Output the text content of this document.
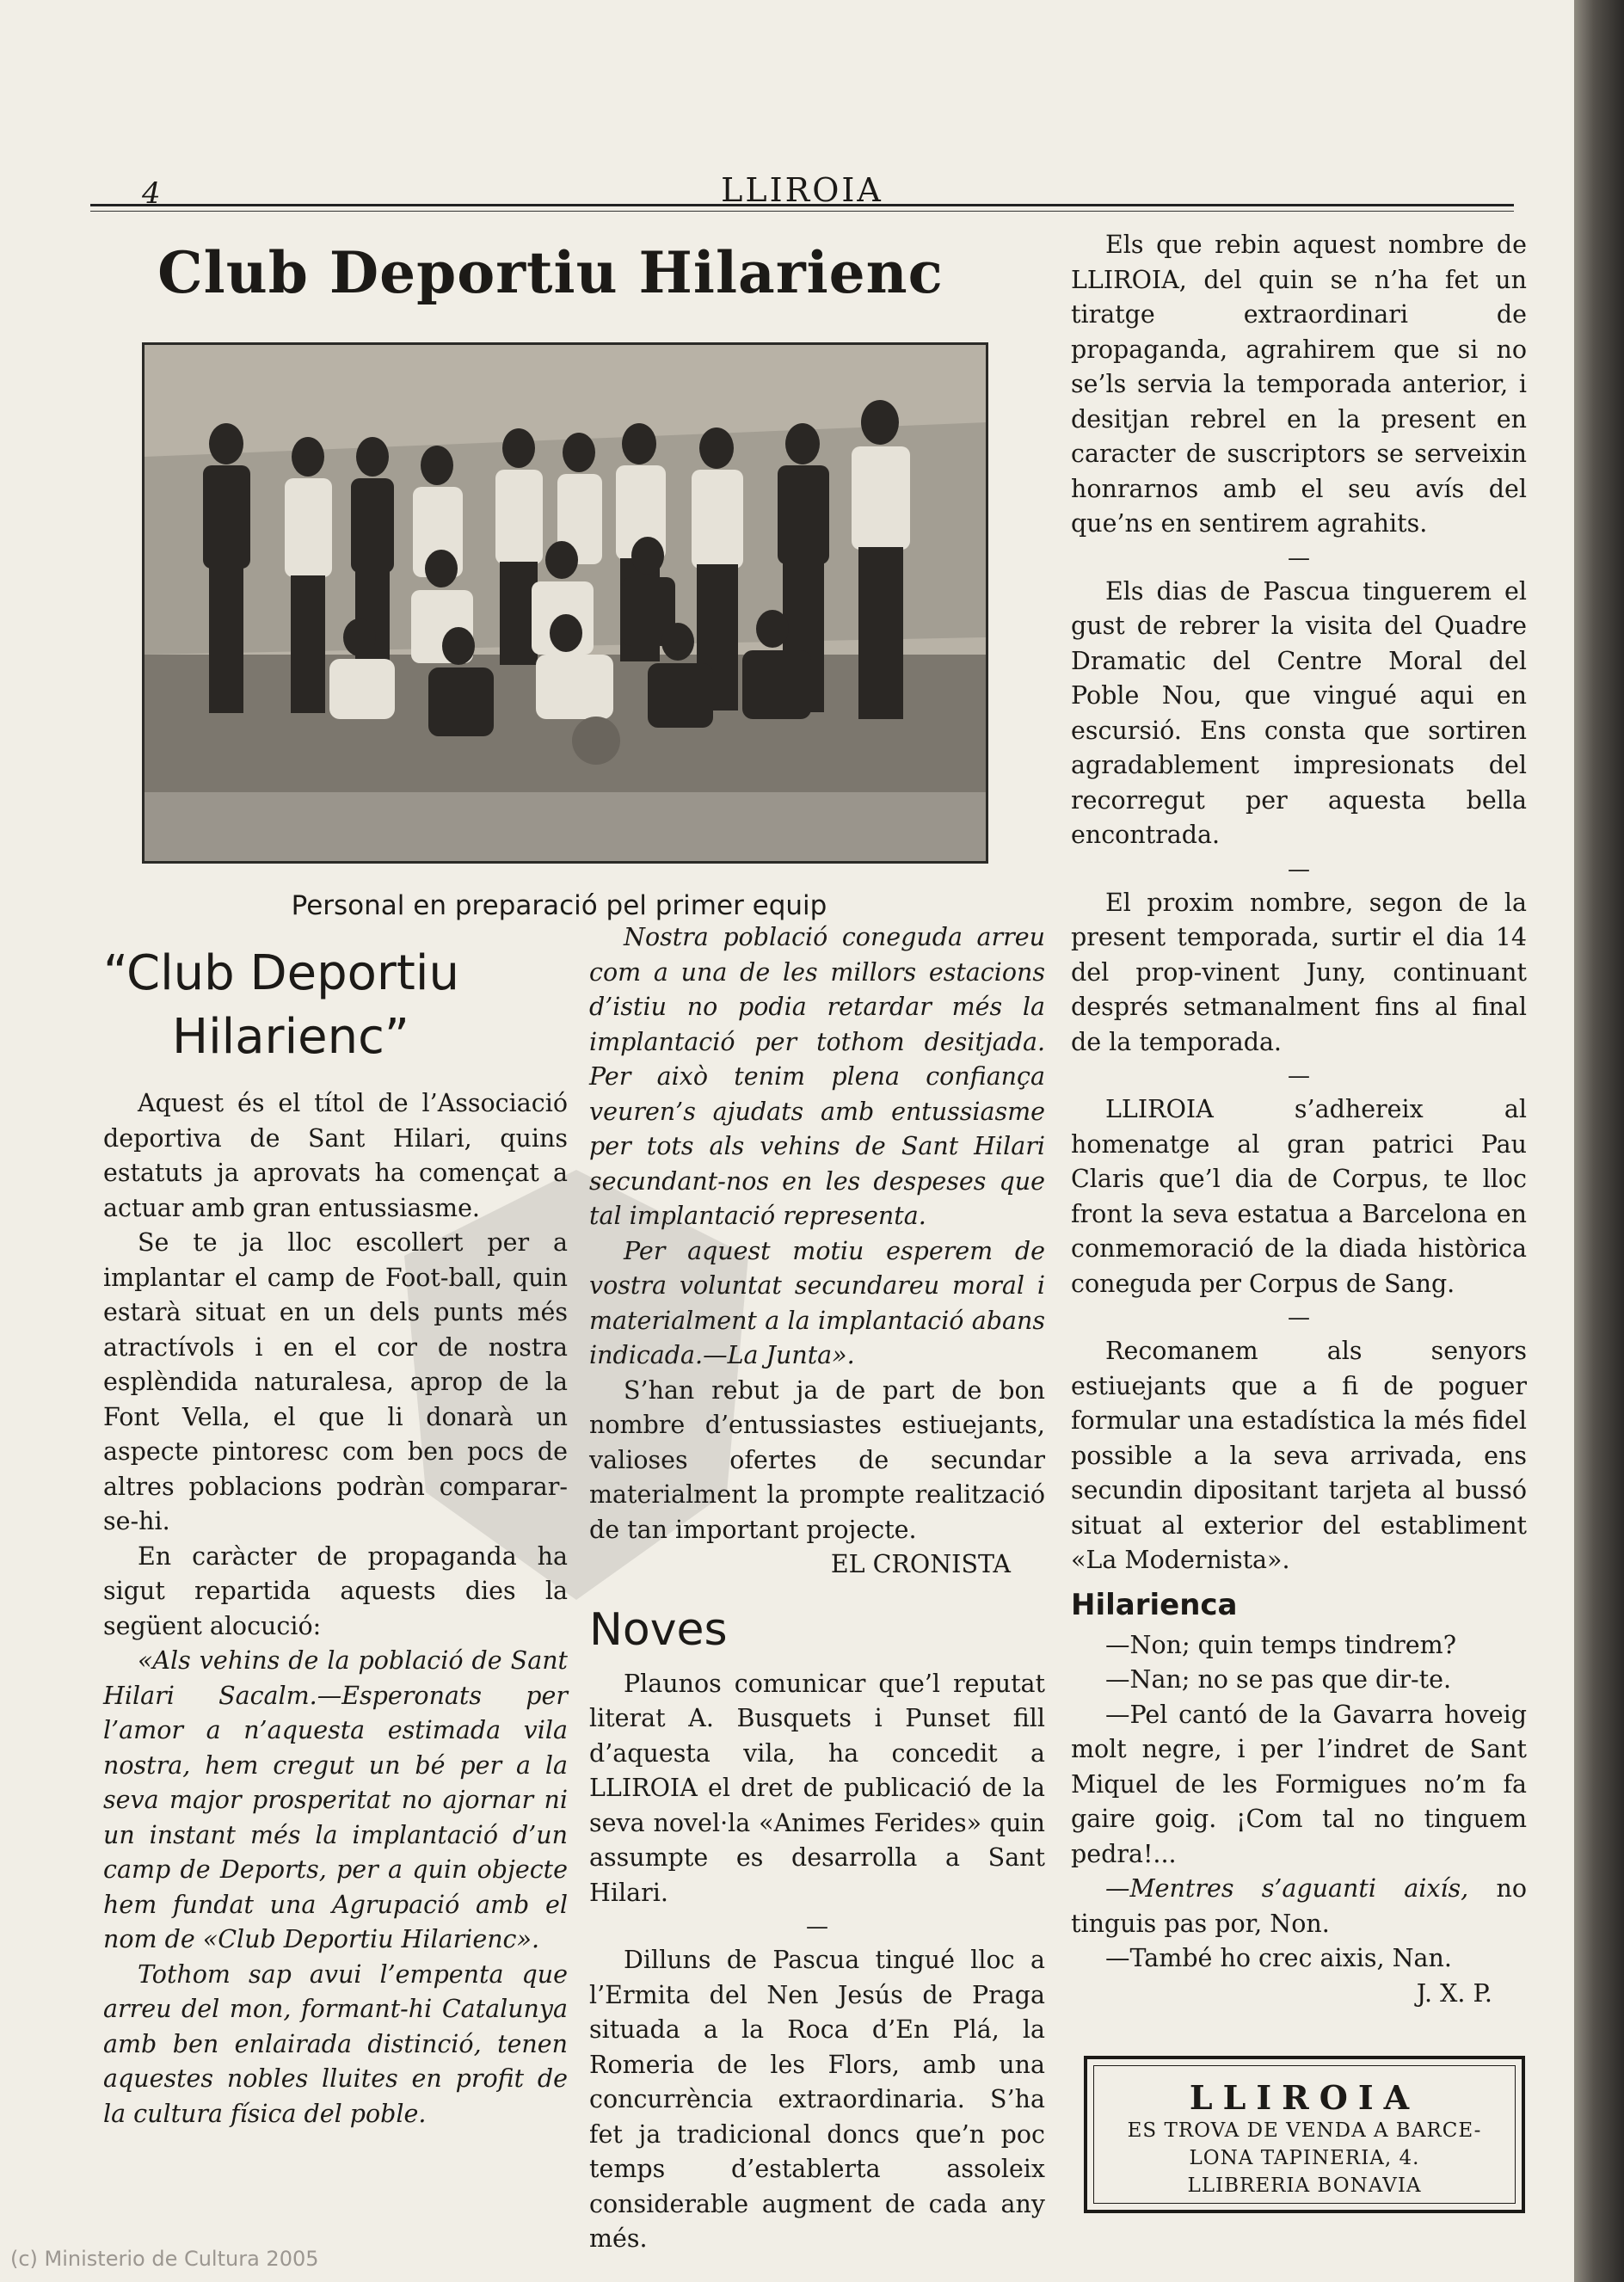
4	LLIROIA
Club Deportiu Hilarienc
Personal en preparació pel primer equip
“Club Deportiu
Hilarienc”

Aquest és el títol de l’Associació deportiva de Sant Hilari, quins estatuts ja aprovats ha començat a actuar amb gran entussiasme.

Se te ja lloc escollert per a implantar el camp de Foot-ball, quin estarà situat en un dels punts més atractívols i en el cor de nostra esplèndida naturalesa, aprop de la Font Vella, el que li donarà un aspecte pintoresc com ben pocs de altres poblacions podràn comparar-se-hi.

En caràcter de propaganda ha sigut repartida aquests dies la següent alocució:

«Als vehins de la població de Sant Hilari Sacalm.—Esperonats per l’amor a n’aquesta estimada vila nostra, hem cregut un bé per a la seva major prosperitat no ajornar ni un instant més la implantació d’un camp de Deports, per a quin objecte hem fundat una Agrupació amb el nom de «Club Deportiu Hilarienc».

Tothom sap avui l’empenta que arreu del mon, formant-hi Catalunya amb ben enlairada distinció, tenen aquestes nobles lluites en profit de la cultura física del poble.

Nostra població coneguda arreu com a una de les millors estacions d’istiu no podia retardar més la implantació per tothom desitjada. Per això tenim plena confiança veuren’s ajudats amb entussiasme per tots als vehins de Sant Hilari secundant-nos en les despeses que tal implantació representa.

Per aquest motiu esperem de vostra voluntat secundareu moral i materialment a la implantació abans indicada.—La Junta».

S’han rebut ja de part de bon nombre d’entussiastes estiuejants, valioses ofertes de secundar materialment la prompte realització de tan important projecte.

EL CRONISTA

Noves

Plaunos comunicar que’l reputat literat A. Busquets i Punset fill d’aquesta vila, ha concedit a LLIROIA el dret de publicació de la seva novel·la «Animes Ferides» quin assumpte es desarrolla a Sant Hilari.

—

Dilluns de Pascua tingué lloc a l’Ermita del Nen Jesús de Praga situada a la Roca d’En Plá, la Romeria de les Flors, amb una concurrència extraordinaria. S’ha fet ja tradicional doncs que’n poc temps d’establerta assoleix considerable augment de cada any més.

Els que rebin aquest nombre de LLIROIA, del quin se n’ha fet un tiratge extraordinari de propaganda, agrahirem que si no se’ls servia la temporada anterior, i desitjan rebrel en la present en caracter de suscriptors se serveixin honrarnos amb el seu avís del que’ns en sentirem agrahits.

—

Els dias de Pascua tinguerem el gust de rebrer la visita del Quadre Dramatic del Centre Moral del Poble Nou, que vingué aqui en escursió. Ens consta que sortiren agradablement impresionats del recorregut per aquesta bella encontrada.

—

El proxim nombre, segon de la present temporada, surtir el dia 14 del prop-vinent Juny, continuant després setmanalment fins al final de la temporada.

—

LLIROIA s’adhereix al homenatge al gran patrici Pau Claris que’l dia de Corpus, te lloc front la seva estatua a Barcelona en conmemoració de la diada històrica coneguda per Corpus de Sang.

—

Recomanem als senyors estiuejants que a fi de poguer formular una estadística la més fidel possible a la seva arrivada, ens secundin dipositant tarjeta al bussó situat al exterior del establiment «La Modernista».

Hilarienca

—Non; quin temps tindrem?

—Nan; no se pas que dir-te.

—Pel cantó de la Gavarra hoveig molt negre, i per l’indret de Sant Miquel de les Formigues no’m fa gaire goig. ¡Com tal no tinguem pedra!...

—Mentres s’aguanti aixís, no tinguis pas por, Non.

—També ho crec aixis, Nan.

J. X. P.

LLIROIA
ES TROVA DE VENDA A BARCE-
LONA TAPINERIA, 4.
LLIBRERIA BONAVIA
(c) Ministerio de Cultura 2005
